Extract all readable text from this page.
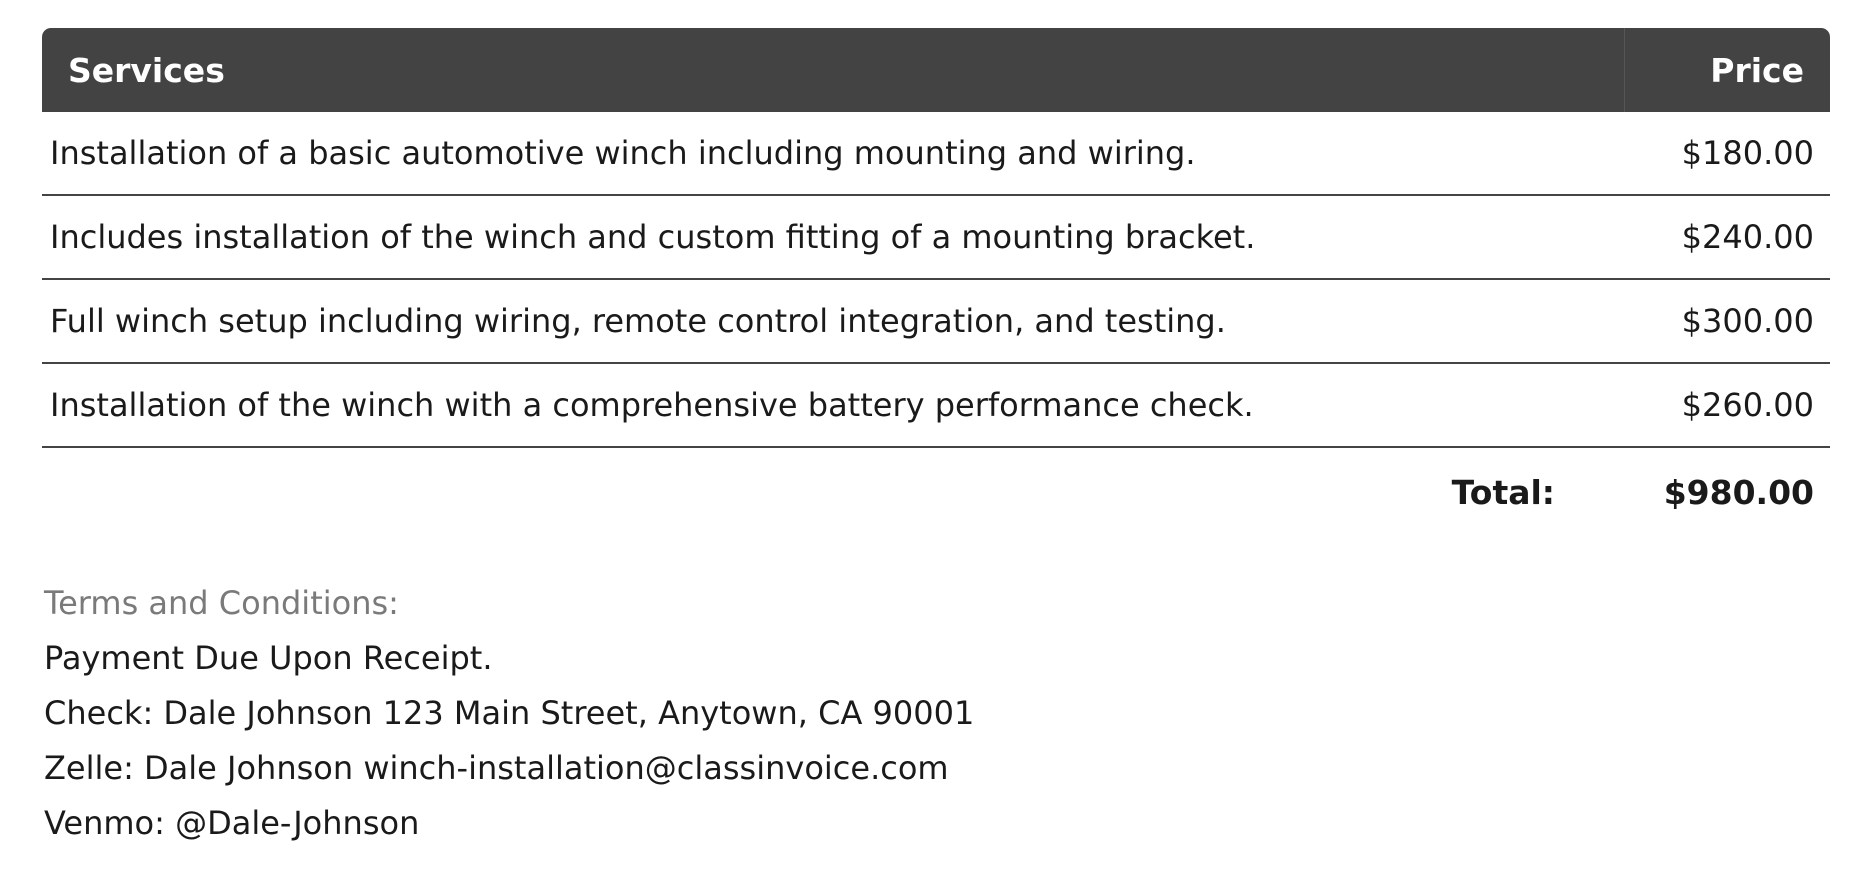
Services	Price
Installation of a basic automotive winch including mounting and wiring.	$180.00
Includes installation of the winch and custom fitting of a mounting bracket.	$240.00
Full winch setup including wiring, remote control integration, and testing.	$300.00
Installation of the winch with a comprehensive battery performance check.	$260.00
Total:	$980.00
Terms and Conditions:
Payment Due Upon Receipt.
Check: Dale Johnson 123 Main Street, Anytown, CA 90001
Zelle: Dale Johnson winch-installation@classinvoice.com
Venmo: @Dale-Johnson
